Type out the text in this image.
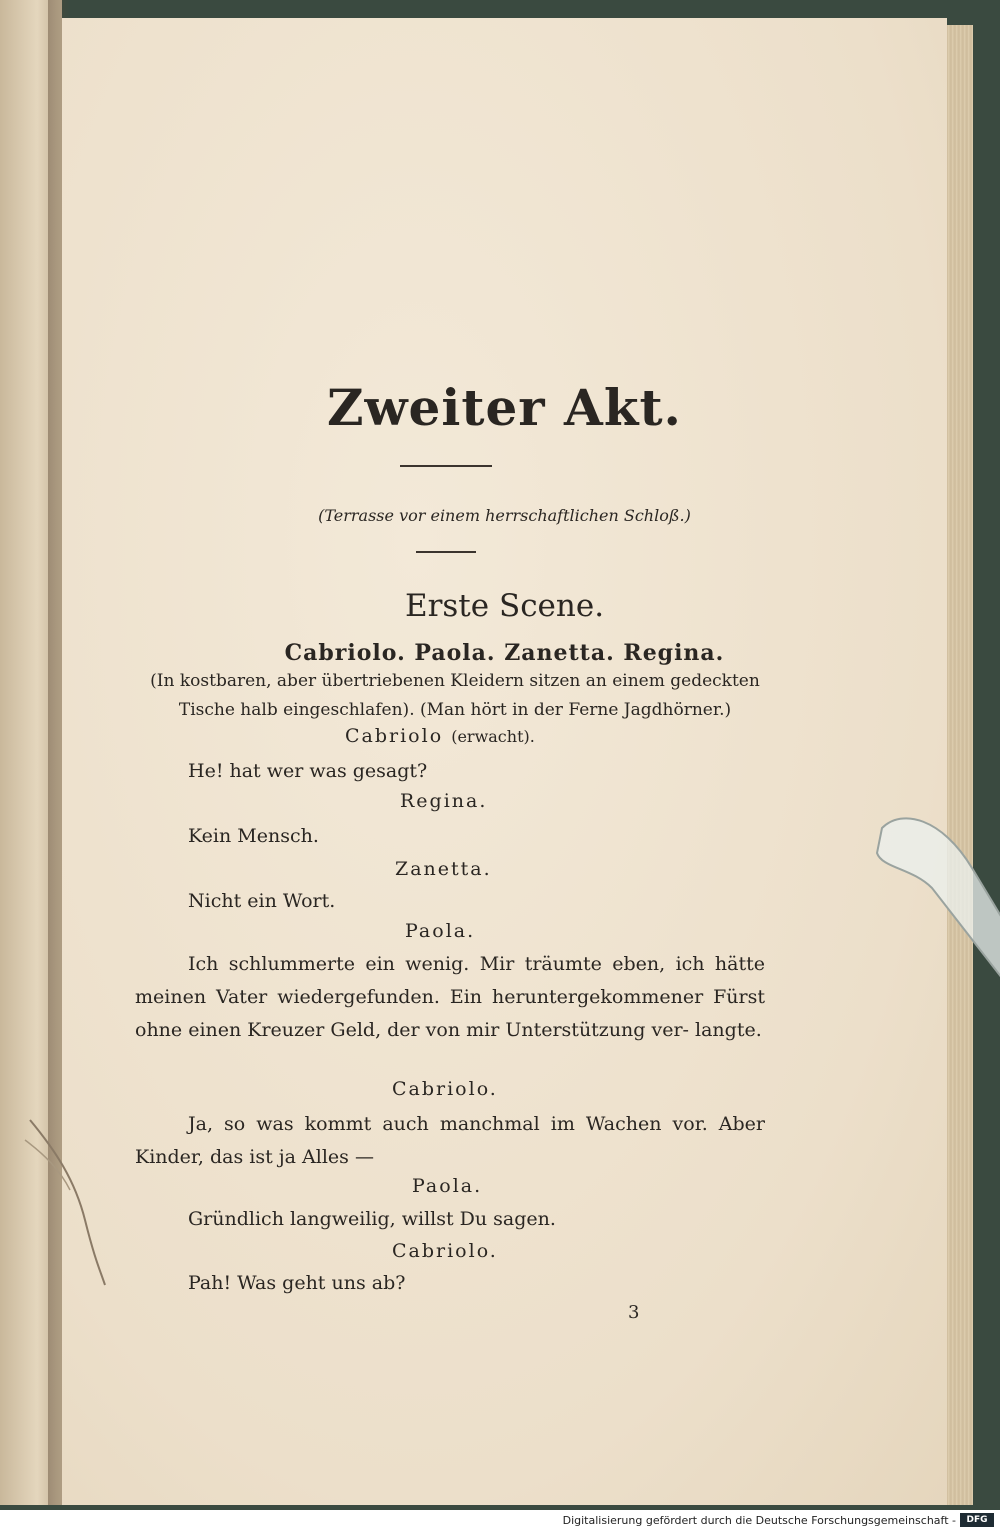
Zweiter Akt.
(Terrasse vor einem herrschaftlichen Schloß.)
Erste Scene.
Cabriolo. Paola. Zanetta. Regina.
(In kostbaren, aber übertriebenen Kleidern sitzen an einem gedeckten Tische halb eingeschlafen). (Man hört in der Ferne Jagdhörner.)
Cabriolo (erwacht).
He! hat wer was gesagt?
Regina.
Kein Mensch.
Zanetta.
Nicht ein Wort.
Paola.
Ich schlummerte ein wenig. Mir träumte eben, ich hätte meinen Vater wiedergefunden. Ein heruntergekommener Fürst ohne einen Kreuzer Geld, der von mir Unterstützung ver- langte.
Cabriolo.
Ja, so was kommt auch manchmal im Wachen vor. Aber Kinder, das ist ja Alles —
Paola.
Gründlich langweilig, willst Du sagen.
Cabriolo.
Pah! Was geht uns ab?
3
Digitalisierung gefördert durch die Deutsche Forschungsgemeinschaft -	DFG
